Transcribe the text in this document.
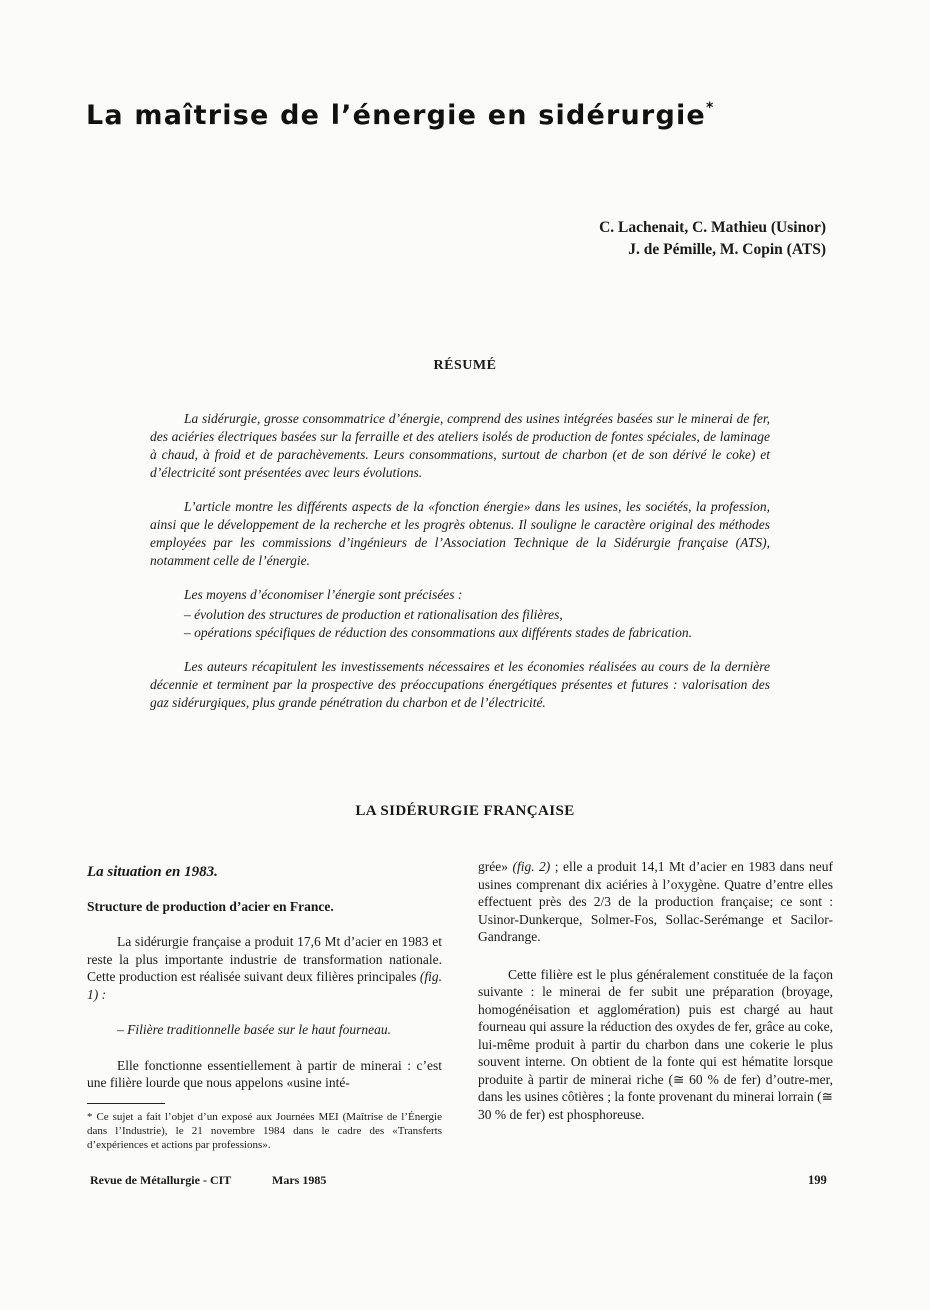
La maîtrise de l’énergie en sidérurgie*
C. Lachenait, C. Mathieu (Usinor)
J. de Pémille, M. Copin (ATS)
RÉSUMÉ

La sidérurgie, grosse consommatrice d’énergie, comprend des usines intégrées basées sur le minerai de fer, des aciéries électriques basées sur la ferraille et des ateliers isolés de production de fontes spéciales, de laminage à chaud, à froid et de parachèvements. Leurs consommations, surtout de charbon (et de son dérivé le coke) et d’électricité sont présentées avec leurs évolutions.

L’article montre les différents aspects de la «fonction énergie» dans les usines, les sociétés, la profession, ainsi que le développement de la recherche et les progrès obtenus. Il souligne le caractère original des méthodes employées par les commissions d’ingénieurs de l’Association Technique de la Sidérurgie française (ATS), notamment celle de l’énergie.

Les moyens d’économiser l’énergie sont précisées :

– évolution des structures de production et rationalisation des filières,

– opérations spécifiques de réduction des consommations aux différents stades de fabrication.

Les auteurs récapitulent les investissements nécessaires et les économies réalisées au cours de la dernière décennie et terminent par la prospective des préoccupations énergétiques présentes et futures : valorisation des gaz sidérurgiques, plus grande pénétration du charbon et de l’électricité.

LA SIDÉRURGIE FRANÇAISE

La situation en 1983.

Structure de production d’acier en France.

La sidérurgie française a produit 17,6 Mt d’acier en 1983 et reste la plus importante industrie de transformation nationale. Cette production est réalisée suivant deux filières principales (fig. 1) :

– Filière traditionnelle basée sur le haut fourneau.

Elle fonctionne essentiellement à partir de minerai : c’est une filière lourde que nous appelons «usine inté-

grée» (fig. 2) ; elle a produit 14,1 Mt d’acier en 1983 dans neuf usines comprenant dix aciéries à l’oxygène. Quatre d’entre elles effectuent près des 2/3 de la production française; ce sont : Usinor-Dunkerque, Solmer-Fos, Sollac-Serémange et Sacilor-Gandrange.

Cette filière est le plus généralement constituée de la façon suivante : le minerai de fer subit une préparation (broyage, homogénéisation et agglomération) puis est chargé au haut fourneau qui assure la réduction des oxydes de fer, grâce au coke, lui-même produit à partir du charbon dans une cokerie le plus souvent interne. On obtient de la fonte qui est hématite lorsque produite à partir de minerai riche (≅ 60 % de fer) d’outre-mer, dans les usines côtières ; la fonte provenant du minerai lorrain (≅ 30 % de fer) est phosphoreuse.

* Ce sujet a fait l’objet d’un exposé aux Journées MEI (Maîtrise de l’Énergie dans l’Industrie), le 21 novembre 1984 dans le cadre des «Transferts d’expériences et actions par professions».
Revue de Métallurgie - CIT	Mars 1985	199
